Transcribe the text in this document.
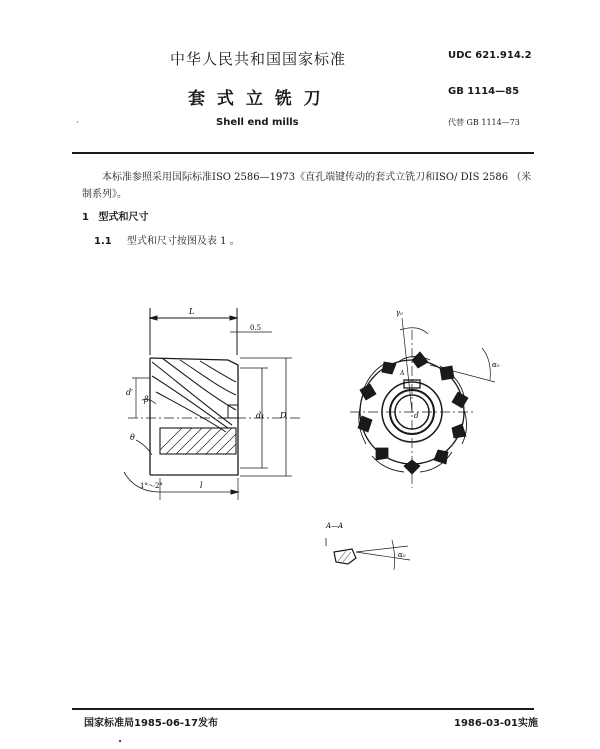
中华人民共和国国家标准	UDC 621.914.2
套 式 立 铣 刀	GB 1114—85
Shell end mills	代替 GB 1114—73
·
本标准参照采用国际标准ISO 2586—1973《直孔端键传动的套式立铣刀和ISO/ DIS 2586 （米
制系列》。
1 型式和尺寸
1.1 型式和尺寸按图及表 1 。
L
0.5
d₁ D
d′
β
θ
1°～2°	l
γ₀
α₀
A
d
A—A
α₀
国家标准局1985-06-17发布	1986-03-01实施
•
